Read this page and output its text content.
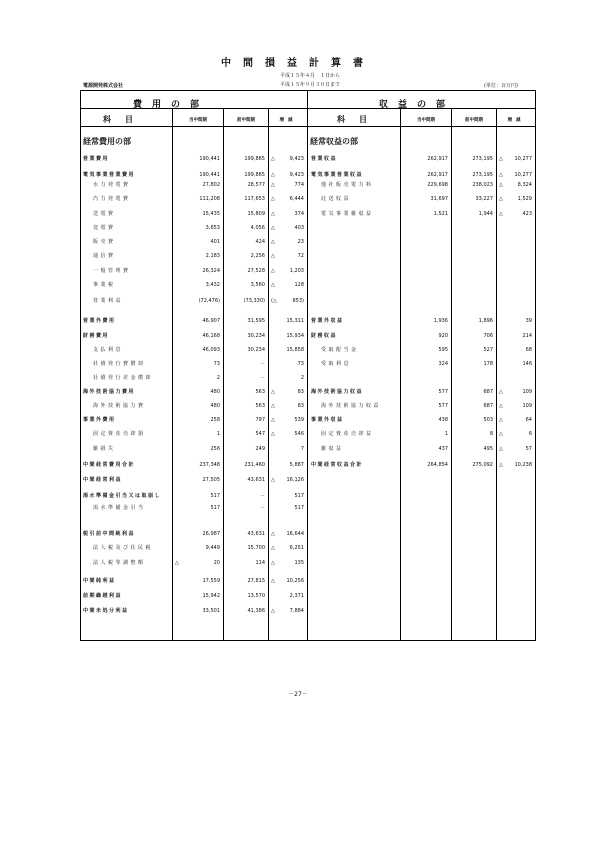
中間損益計算書
平成１５年４月　１日から
電源開発株式会社	平成１５年９月３０日まで	(単位：百万円)
費用の部	収益の部
科目	当中間期	前中間期	増減	科目	当中間期	前中間期	増減
経常費用の部	経常収益の部
営業費用	190,441	199,865 △	9,423
電気事業営業費用	190,441	199,865 △	9,423
水力発電費	27,802	28,577 △	774
汽力発電費	111,208	117,653 △	6,444
送電費	15,435	15,809 △	374
変電費	3,653	4,056 △	403
販売費	401	424 △	23
通信費	2,183	2,256 △	72
一般管理費	26,324	27,528 △	1,203
事業税	3,432	3,560 △	128
営業利益	(72,476)	(73,330) (△	853)
営業外費用	46,907	31,595	15,311
財務費用	46,168	30,234	15,934
支払利息	46,093	30,234	15,858
社債発行費償却	73	－	73
社債発行差金償却	2	－	2
海外技術協力費用	480	563 △	83
海外技術協力費	480	563 △	83
事業外費用	258	797 △	539
固定資産売却損	1	547 △	546
雑損失	256	249	7
中間経常費用合計	237,348	231,460	5,887
中間経常利益	27,505	43,631 △	16,126
渇水準備金引当又は取崩し	517	－	517
渇水準備金引当	517	－	517
税引前中間純利益	26,987	43,631 △	16,644
法人税及び住民税	9,449	15,700 △	6,251
法人税等調整額	△	20	114 △	135
中間純利益	17,559	27,815 △	10,256
前期繰越利益	15,942	13,570	2,371
中間未処分利益	33,501	41,386 △	7,884
営業収益	262,917	273,195 △	10,277
電気事業営業収益	262,917	273,195 △	10,277
他社販売電力料	229,698	238,023 △	8,324
託送収益	31,697	33,227 △	1,529
電気事業雑収益	1,521	1,944 △	423
営業外収益	1,936	1,896	39
財務収益	920	706	214
受取配当金	595	527	68
受取利息	324	178	146
海外技術協力収益	577	687 △	109
海外技術協力収益	577	687 △	109
事業外収益	438	503 △	64
固定資産売却益	1	8 △	6
雑収益	437	495 △	57
中間経常収益合計	264,854	275,092 △	10,238
－27－
